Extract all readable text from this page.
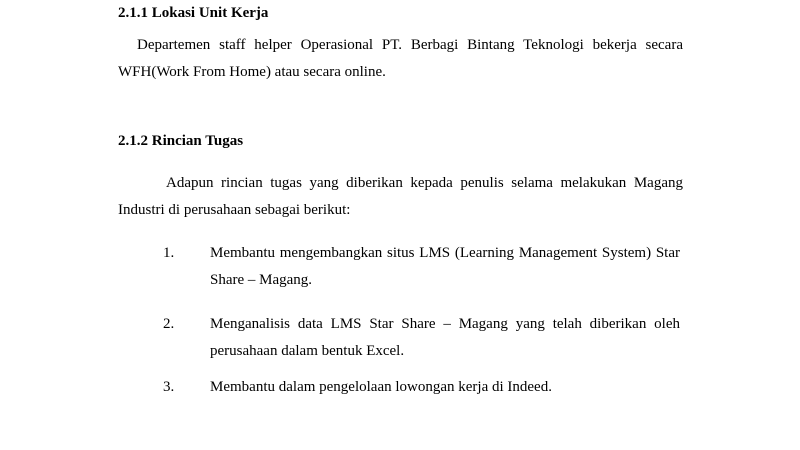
2.1.1 Lokasi Unit Kerja
Departemen staff helper Operasional PT. Berbagi Bintang Teknologi bekerja secara WFH(Work From Home) atau secara online.
2.1.2 Rincian Tugas
Adapun rincian tugas yang diberikan kepada penulis selama melakukan Magang Industri di perusahaan sebagai berikut:
1.	Membantu mengembangkan situs LMS (Learning Management System) Star Share – Magang.
2.	Menganalisis data LMS Star Share – Magang yang telah diberikan oleh perusahaan dalam bentuk Excel.
3.	Membantu dalam pengelolaan lowongan kerja di Indeed.
